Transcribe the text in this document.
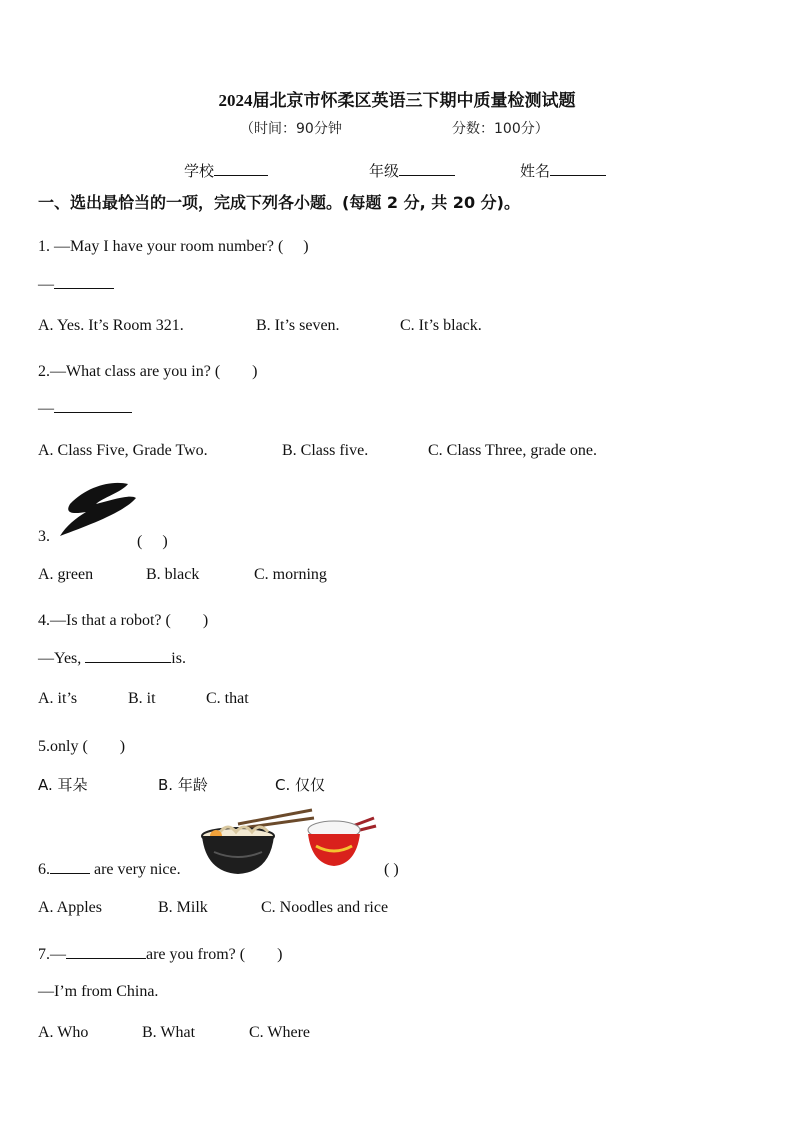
2024届北京市怀柔区英语三下期中质量检测试题
（时间：90分钟	分数：100分）
学校	年级	姓名
一、选出最恰当的一项，完成下列各小题。(每题 2 分, 共 20 分)。
1. —May I have your room number? (　 )
—
A. Yes. It’s Room 321.	B. It’s seven.	C. It’s black.
2.—What class are you in? (　　)
—
A. Class Five, Grade Two.	B. Class five.	C. Class Three, grade one.
3.	(　 )
A. green	B. black	C. morning
4.—Is that a robot? (　　)
—Yes,	is.
A. it’s	B. it	C. that
5.only (　　)
A. 耳朵	B. 年龄	C. 仅仅
6.	are very nice.	( )
A. Apples	B. Milk	C. Noodles and rice
7.—	are you from? (　　)
—I’m from China.
A. Who	B. What	C. Where
